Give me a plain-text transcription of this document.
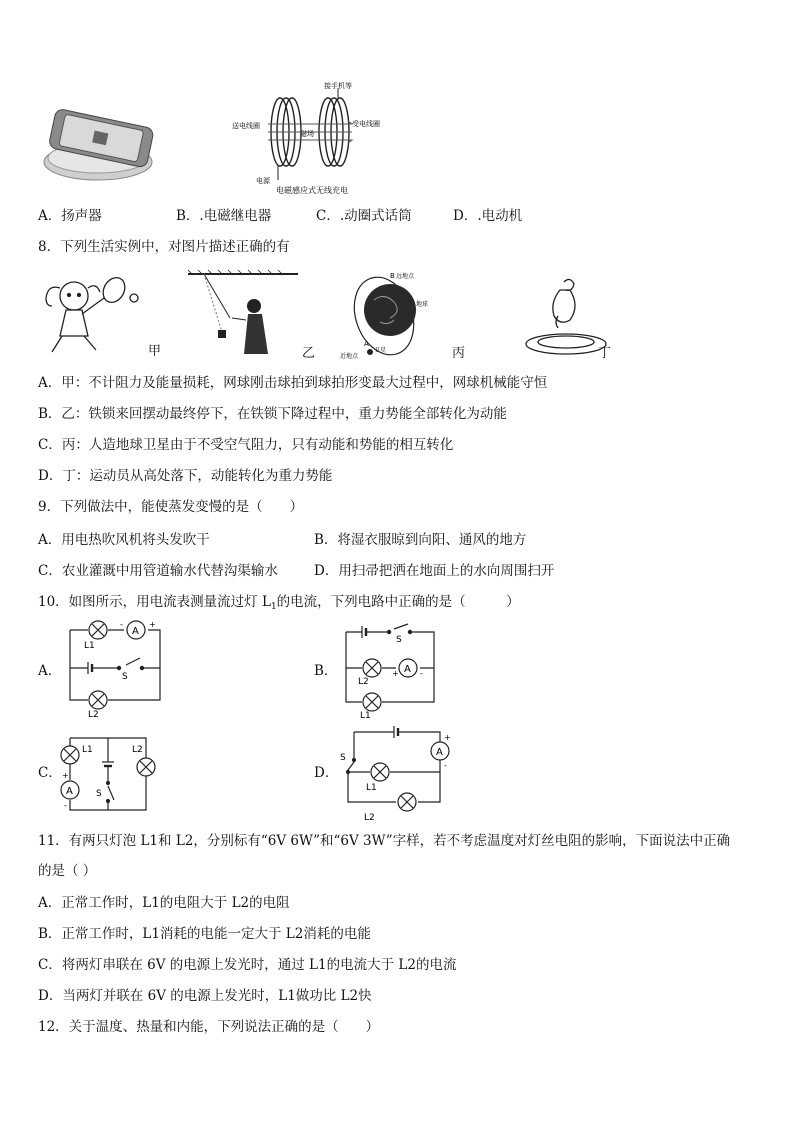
送电线圈	受电线圈
接手机等
磁场
电源
电磁感应式无线充电
A．扬声器	B．.电磁继电器	C．.动圈式话筒	D．.电动机
8．下列生活实例中，对图片描述正确的有
甲	乙
远地点
B
地球
卫星
A
近地点	丙	丁
A．甲：不计阻力及能量损耗，网球刚击球拍到球拍形变最大过程中，网球机械能守恒
B．乙：铁锁来回摆动最终停下，在铁锁下降过程中，重力势能全部转化为动能
C．丙：人造地球卫星由于不受空气阻力，只有动能和势能的相互转化
D．丁：运动员从高处落下，动能转化为重力势能
9．下列做法中，能使蒸发变慢的是（　　）
A．用电热吹风机将头发吹干	B．将湿衣服晾到向阳、通风的地方
C．农业灌溉中用管道输水代替沟渠输水	D．用扫帚把洒在地面上的水向周围扫开
10．如图所示，用电流表测量流过灯 $L_1$的电流，下列电路中正确的是（　　　）
A．
A
+
-
L1
S
L2
B．	A
+	-
S
L2
L1
C．
A
+
-
L1	L2
S
D．
A
+
-
S
L1
L2
11．有两只灯泡 L1和 L2，分别标有“6V 6W”和“6V 3W”字样，若不考虑温度对灯丝电阻的影响，下面说法中正确
的是（ ）
A．正常工作时，L1的电阻大于 L2的电阻
B．正常工作时，L1消耗的电能一定大于 L2消耗的电能
C．将两灯串联在 6V 的电源上发光时，通过 L1的电流大于 L2的电流
D．当两灯并联在 6V 的电源上发光时，L1做功比 L2快
12．关于温度、热量和内能，下列说法正确的是（　　）
